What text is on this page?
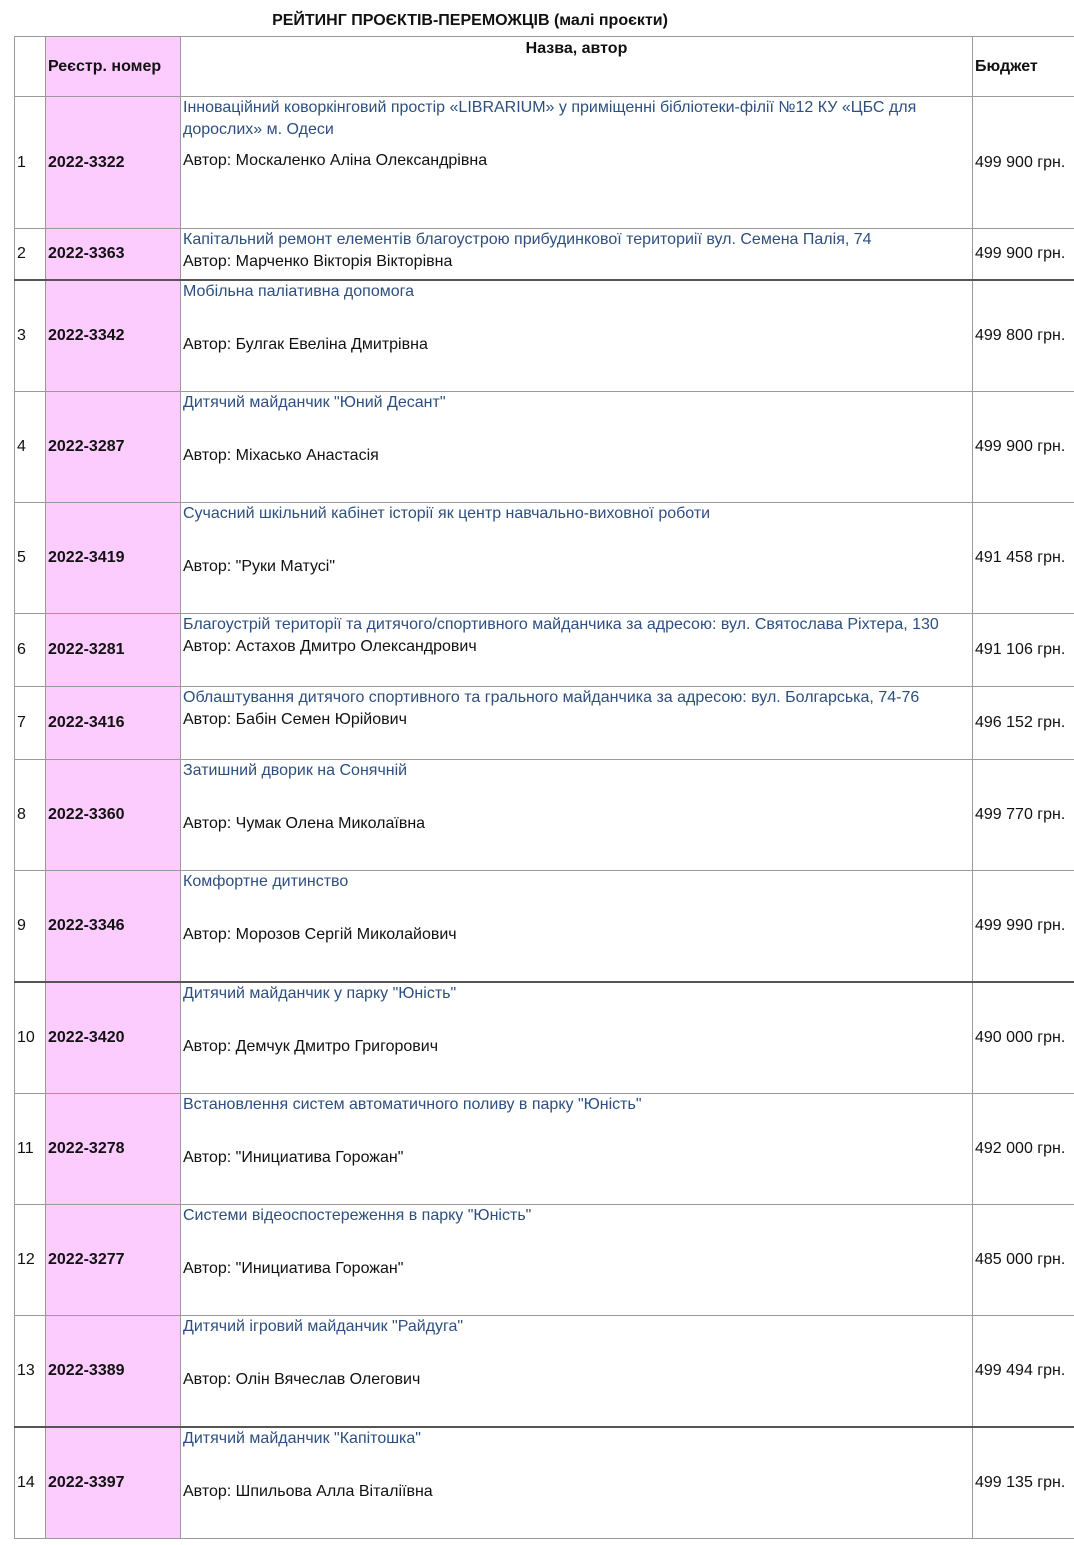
РЕЙТИНГ ПРОЄКТІВ-ПЕРЕМОЖЦІВ (малі проєкти)
	Реєстр. номер	Назва, автор	Бюджет
1	2022-3322	Інноваційний коворкінговий простір «LIBRARIUM» у приміщенні бібліотеки-філії №12 КУ «ЦБС для дорослих» м. Одеси
Автор: Москаленко Аліна Олександрівна	499 900 грн.
2	2022-3363	Капітальний ремонт елементів благоустрою прибудинкової териториії вул. Семена Палія, 74
Автор: Марченко Вікторія Вікторівна	499 900 грн.
3	2022-3342	Мобільна паліативна допомога
Автор: Булгак Евеліна Дмитрівна	499 800 грн.
4	2022-3287	Дитячий майданчик "Юний Десант"
Автор: Міхасько Анастасія	499 900 грн.
5	2022-3419	Сучасний шкільний кабінет історії як центр навчально-виховної роботи
Автор: "Руки Матусі"	491 458 грн.
6	2022-3281	Благоустрій території та дитячого/спортивного майданчика за адресою: вул. Святослава Ріхтера, 130
Автор: Астахов Дмитро Олександрович	491 106 грн.
7	2022-3416	Облаштування дитячого спортивного та грального майданчика за адресою: вул. Болгарська, 74-76
Автор: Бабін Семен Юрійович	496 152 грн.
8	2022-3360	Затишний дворик на Сонячній
Автор: Чумак Олена Миколаївна	499 770 грн.
9	2022-3346	Комфортне дитинство
Автор: Морозов Сергій Миколайович	499 990 грн.
10	2022-3420	Дитячий майданчик у парку "Юність"
Автор: Демчук Дмитро Григорович	490 000 грн.
11	2022-3278	Встановлення систем автоматичного поливу в парку "Юність"
Автор: "Инициатива Горожан"	492 000 грн.
12	2022-3277	Системи відеоспостереження в парку "Юність"
Автор: "Инициатива Горожан"	485 000 грн.
13	2022-3389	Дитячий ігровий майданчик "Райдуга"
Автор: Олін Вячеслав Олегович	499 494 грн.
14	2022-3397	Дитячий майданчик "Капітошка"
Автор: Шпильова Алла Віталіївна	499 135 грн.
